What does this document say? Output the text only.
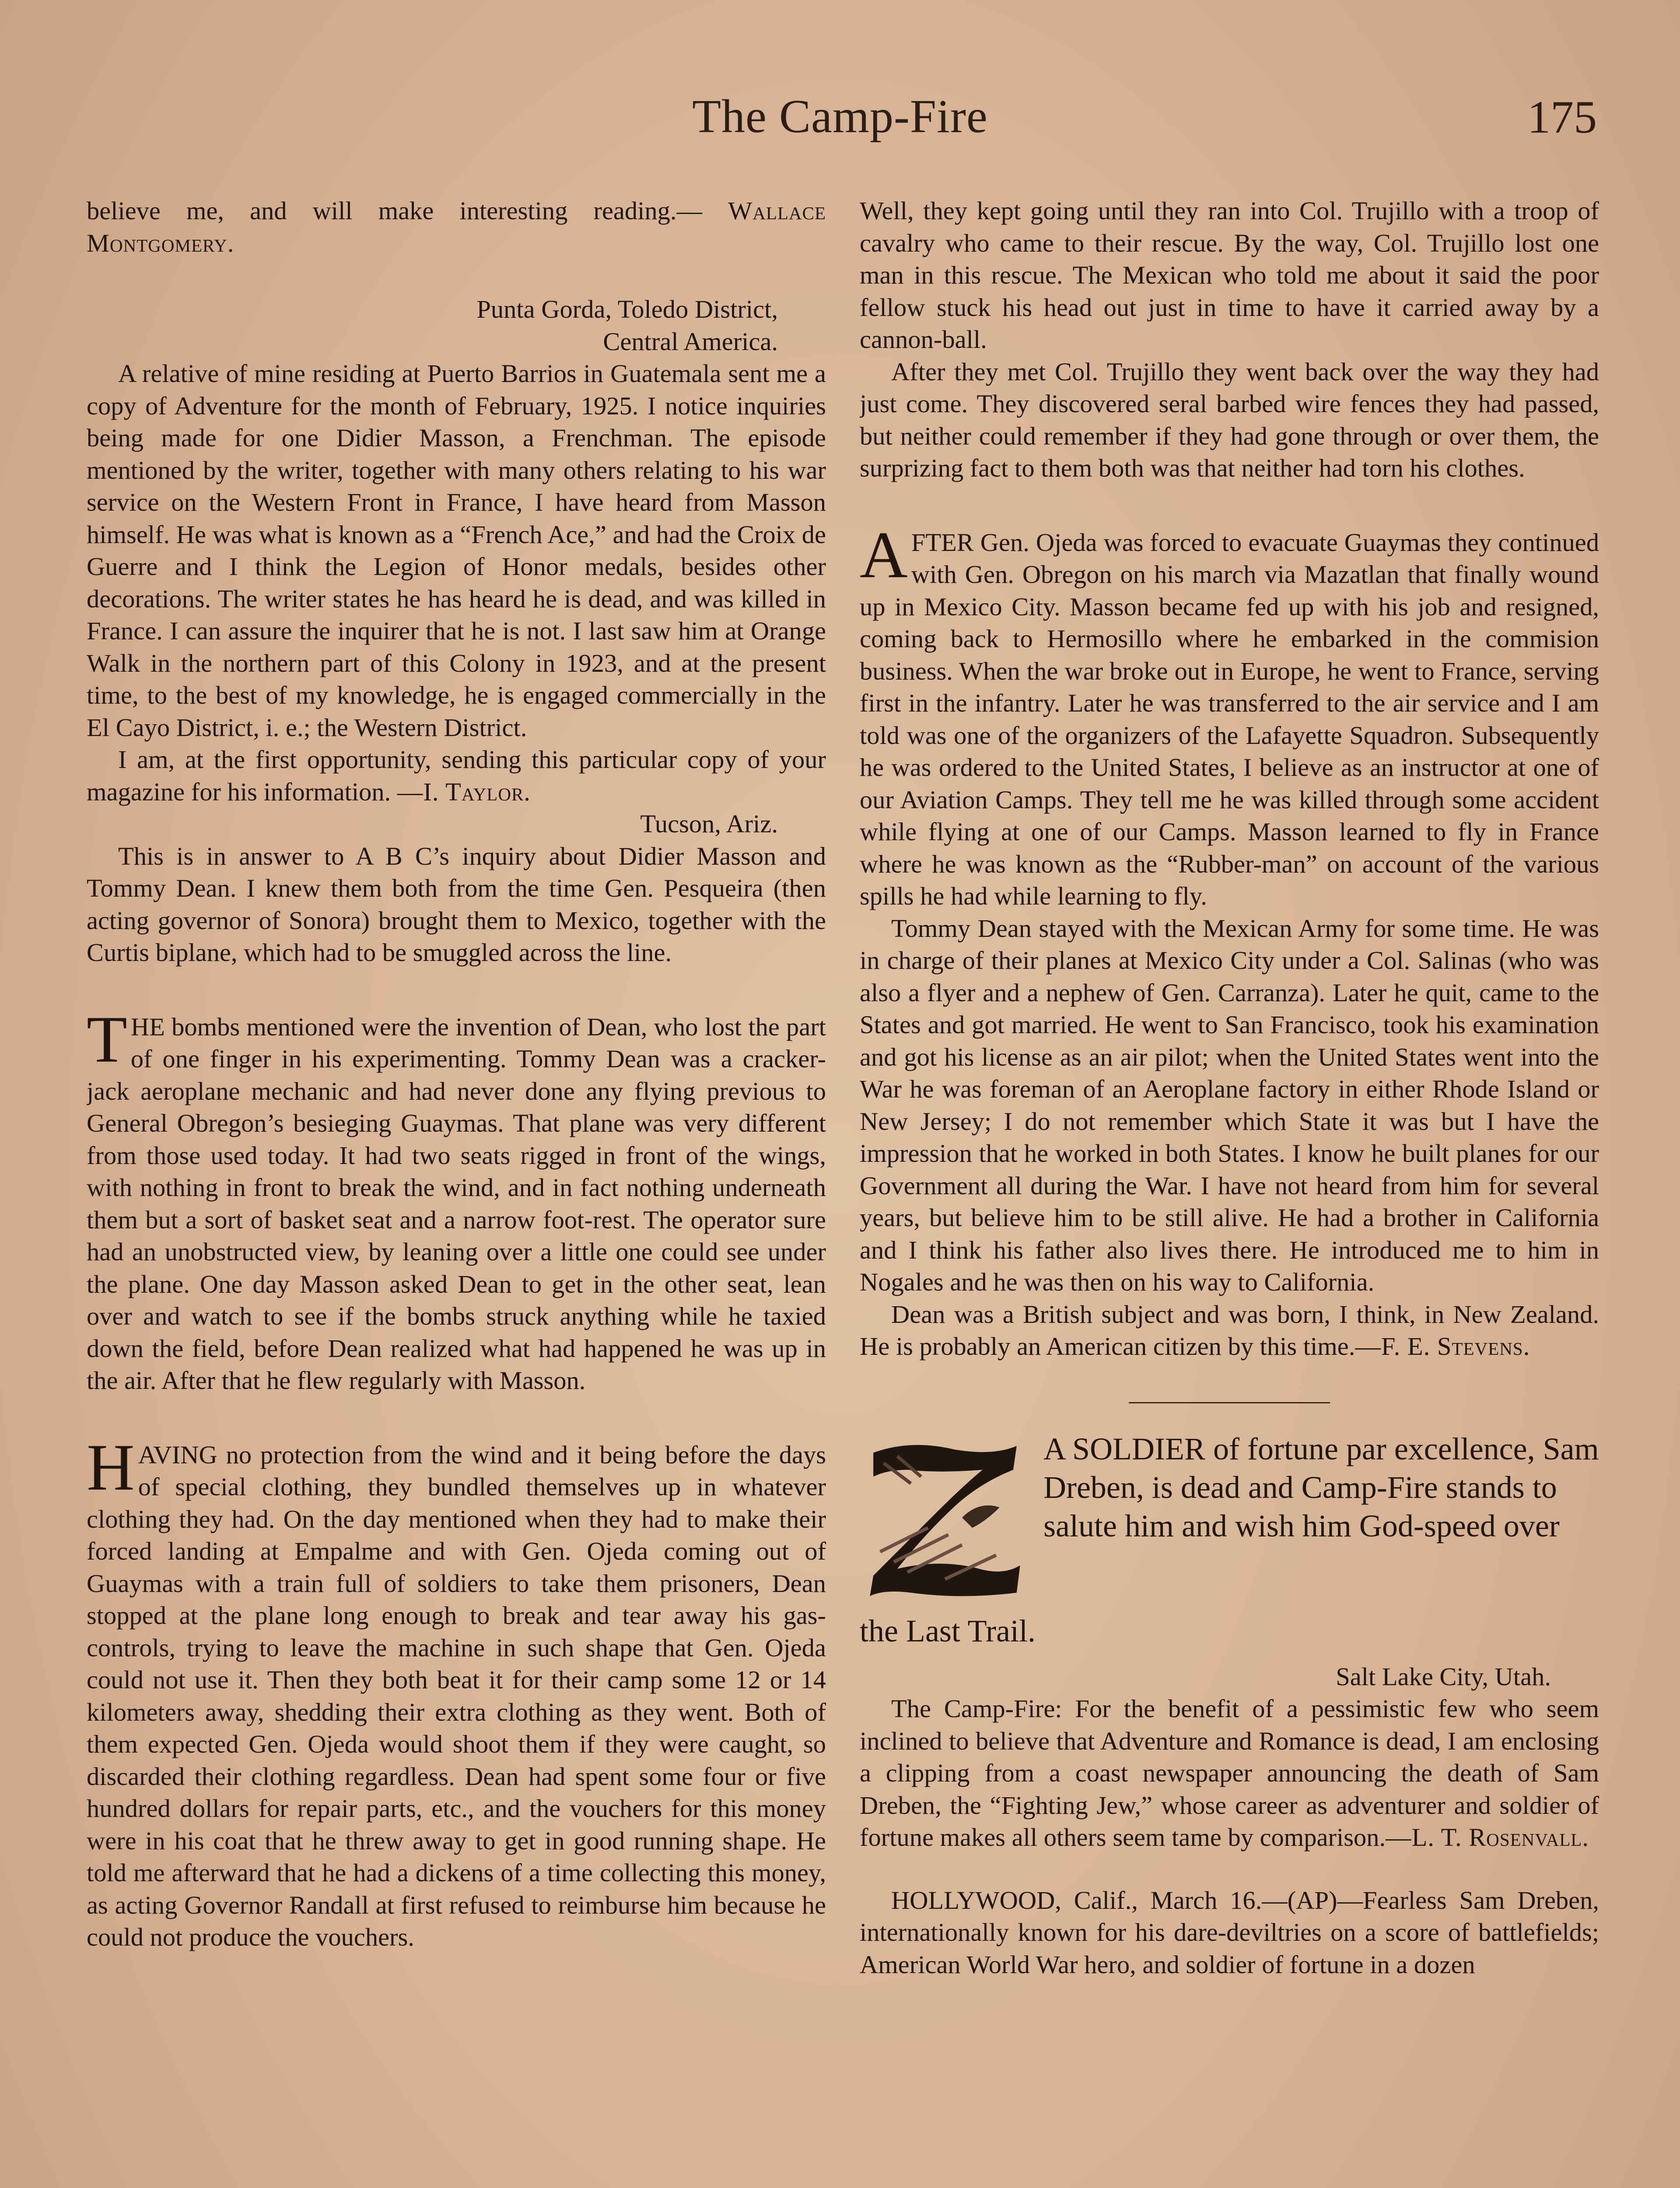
The Camp-Fire	175

believe me, and will make interesting reading.— Wallace Montgomery.

Punta Gorda, Toledo District,

Central America.

A relative of mine residing at Puerto Barrios in Guatemala sent me a copy of Adventure for the month of February, 1925. I notice inquiries being made for one Didier Masson, a Frenchman. The episode mentioned by the writer, together with many others relating to his war service on the Western Front in France, I have heard from Masson himself. He was what is known as a “French Ace,” and had the Croix de Guerre and I think the Legion of Honor medals, besides other decorations. The writer states he has heard he is dead, and was killed in France. I can assure the inquirer that he is not. I last saw him at Orange Walk in the northern part of this Colony in 1923, and at the present time, to the best of my knowledge, he is engaged commercially in the El Cayo District, i. e.; the Western District.

I am, at the first opportunity, sending this particular copy of your magazine for his information. —I. Taylor.

Tucson, Ariz.

This is in answer to A B C’s inquiry about Didier Masson and Tommy Dean. I knew them both from the time Gen. Pesqueira (then acting governor of Sonora) brought them to Mexico, together with the Curtis biplane, which had to be smuggled across the line.

THE bombs mentioned were the invention of Dean, who lost the part of one finger in his experimenting. Tommy Dean was a cracker-jack aeroplane mechanic and had never done any flying previous to General Obregon’s besieging Guaymas. That plane was very different from those used today. It had two seats rigged in front of the wings, with nothing in front to break the wind, and in fact nothing underneath them but a sort of basket seat and a narrow foot-rest. The operator sure had an unobstructed view, by leaning over a little one could see under the plane. One day Masson asked Dean to get in the other seat, lean over and watch to see if the bombs struck anything while he taxied down the field, before Dean realized what had happened he was up in the air. After that he flew regularly with Masson.

HAVING no protection from the wind and it being before the days of special clothing, they bundled themselves up in whatever clothing they had. On the day mentioned when they had to make their forced landing at Empalme and with Gen. Ojeda coming out of Guaymas with a train full of soldiers to take them prisoners, Dean stopped at the plane long enough to break and tear away his gas-controls, trying to leave the machine in such shape that Gen. Ojeda could not use it. Then they both beat it for their camp some 12 or 14 kilometers away, shedding their extra clothing as they went. Both of them expected Gen. Ojeda would shoot them if they were caught, so discarded their clothing regardless. Dean had spent some four or five hundred dollars for repair parts, etc., and the vouchers for this money were in his coat that he threw away to get in good running shape. He told me afterward that he had a dickens of a time collecting this money, as acting Governor Randall at first refused to reimburse him because he could not produce the vouchers.

Well, they kept going until they ran into Col. Trujillo with a troop of cavalry who came to their rescue. By the way, Col. Trujillo lost one man in this rescue. The Mexican who told me about it said the poor fellow stuck his head out just in time to have it carried away by a cannon-ball.

After they met Col. Trujillo they went back over the way they had just come. They discovered seral barbed wire fences they had passed, but neither could remember if they had gone through or over them, the surprizing fact to them both was that neither had torn his clothes.

AFTER Gen. Ojeda was forced to evacuate Guaymas they continued with Gen. Obregon on his march via Mazatlan that finally wound up in Mexico City. Masson became fed up with his job and resigned, coming back to Hermosillo where he embarked in the commision business. When the war broke out in Europe, he went to France, serving first in the infantry. Later he was transferred to the air service and I am told was one of the organizers of the Lafayette Squadron. Subsequently he was ordered to the United States, I believe as an instructor at one of our Aviation Camps. They tell me he was killed through some accident while flying at one of our Camps. Masson learned to fly in France where he was known as the “Rubber-man” on account of the various spills he had while learning to fly.

Tommy Dean stayed with the Mexican Army for some time. He was in charge of their planes at Mexico City under a Col. Salinas (who was also a flyer and a nephew of Gen. Carranza). Later he quit, came to the States and got married. He went to San Francisco, took his examination and got his license as an air pilot; when the United States went into the War he was foreman of an Aeroplane factory in either Rhode Island or New Jersey; I do not remember which State it was but I have the impression that he worked in both States. I know he built planes for our Government all during the War. I have not heard from him for several years, but believe him to be still alive. He had a brother in California and I think his father also lives there. He introduced me to him in Nogales and he was then on his way to California.

Dean was a British subject and was born, I think, in New Zealand. He is probably an American citizen by this time.—F. E. Stevens.

A SOLDIER of fortune par excellence, Sam Dreben, is dead and Camp-Fire stands to salute him and wish him God-speed over

the Last Trail.

Salt Lake City, Utah.

The Camp-Fire: For the benefit of a pessimistic few who seem inclined to believe that Adventure and Romance is dead, I am enclosing a clipping from a coast newspaper announcing the death of Sam Dreben, the “Fighting Jew,” whose career as adventurer and soldier of fortune makes all others seem tame by comparison.—L. T. Rosenvall.

HOLLYWOOD, Calif., March 16.—(AP)—Fearless Sam Dreben, internationally known for his dare-deviltries on a score of battlefields; American World War hero, and soldier of fortune in a dozen
